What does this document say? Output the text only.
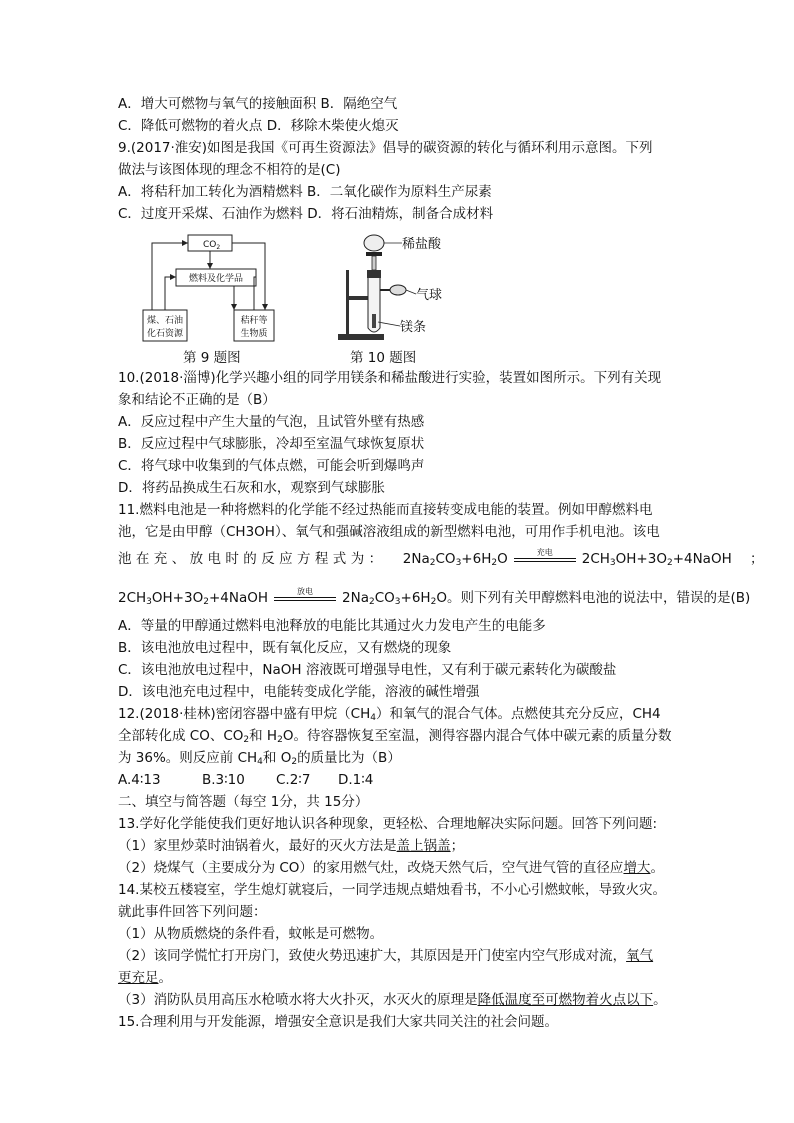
A．增大可燃物与氧气的接触面积 B．隔绝空气
C．降低可燃物的着火点 D．移除木柴使火熄灭
9.(2017·淮安)如图是我国《可再生资源法》倡导的碳资源的转化与循环利用示意图。下列
做法与该图体现的理念不相符的是(C)
A．将秸秆加工转化为酒精燃料 B．二氧化碳作为原料生产尿素
C．过度开采煤、石油作为燃料 D．将石油精炼，制备合成材料
$CO_2$
燃料及化学品
煤、石油
化石资源
秸秆等
生物质
稀盐酸
气球
镁条
第 9 题图	第 10 题图
10.(2018·淄博)化学兴趣小组的同学用镁条和稀盐酸进行实验，装置如图所示。下列有关现
象和结论不正确的是（B）
A．反应过程中产生大量的气泡，且试管外壁有热感
B．反应过程中气球膨胀，冷却至室温气球恢复原状
C．将气球中收集到的气体点燃，可能会听到爆鸣声
D．将药品换成生石灰和水，观察到气球膨胀
11.燃料电池是一种将燃料的化学能不经过热能而直接转变成电能的装置。例如甲醇燃料电
池，它是由甲醇（CH3OH）、氧气和强碱溶液组成的新型燃料电池，可用作手机电池。该电
池在充、放电时的反应方程式为： $2Na_2CO_3+6H_2O$	充电	$2CH_3OH+3O_2+4NaOH$ ；
$2CH_3OH+3O_2+4NaOH$	放电	$2Na_2CO_3+6H_2O$。则下列有关甲醇燃料电池的说法中，错误的是(B)
A．等量的甲醇通过燃料电池释放的电能比其通过火力发电产生的电能多
B．该电池放电过程中，既有氧化反应，又有燃烧的现象
C．该电池放电过程中，NaOH 溶液既可增强导电性，又有利于碳元素转化为碳酸盐
D．该电池充电过程中，电能转变成化学能，溶液的碱性增强
12.(2018·桂林)密闭容器中盛有甲烷$(CH_4)$和氧气的混合气体。点燃使其充分反应，CH4
全部转化成 CO、$CO_2$和 $H_2O$。待容器恢复至室温，测得容器内混合气体中碳元素的质量分数
为 36%。则反应前 $CH_4$和 $O_2$的质量比为（B）
A.4∶13	B.3∶10 C.2∶7 D.1∶4
二、填空与简答题（每空 1分，共 15分）
13.学好化学能使我们更好地认识各种现象，更轻松、合理地解决实际问题。回答下列问题:
（1）家里炒菜时油锅着火，最好的灭火方法是盖上锅盖；
（2）烧煤气（主要成分为 CO）的家用燃气灶，改烧天然气后，空气进气管的直径应增大。
14.某校五楼寝室，学生熄灯就寝后，一同学违规点蜡烛看书，不小心引燃蚊帐，导致火灾。
就此事件回答下列问题：
（1）从物质燃烧的条件看，蚊帐是可燃物。
（2）该同学慌忙打开房门，致使火势迅速扩大，其原因是开门使室内空气形成对流，氧气
更充足。
（3）消防队员用高压水枪喷水将大火扑灭，水灭火的原理是降低温度至可燃物着火点以下。
15.合理利用与开发能源，增强安全意识是我们大家共同关注的社会问题。
